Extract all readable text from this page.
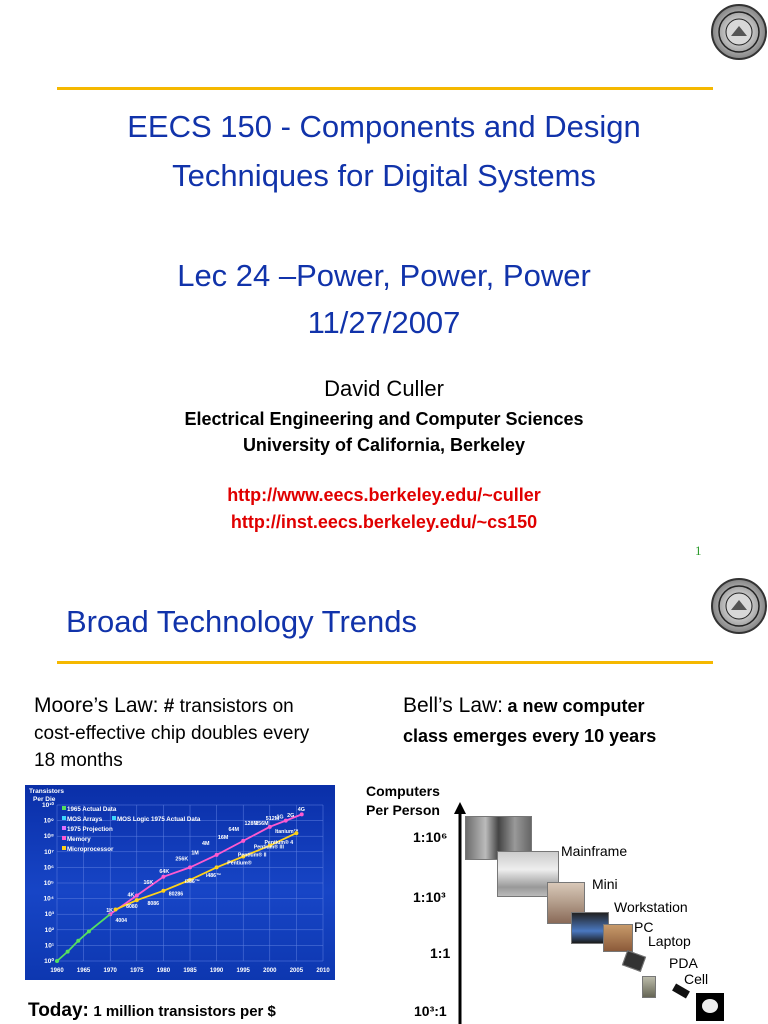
EECS 150 - Components and Design
Techniques for Digital Systems
Lec 24 –Power, Power, Power
11/27/2007
David Culler
Electrical Engineering and Computer Sciences
University of California, Berkeley
http://www.eecs.berkeley.edu/~culler
http://inst.eecs.berkeley.edu/~cs150
1
Broad Technology Trends
Moore’s Law: # transistors on
cost-effective chip doubles every
18 months
Bell’s Law: a new computer
class emerges every 10 years
Transistors
Per Die
10⁰
10¹
10²
10³
10⁴
10⁵
10⁶
10⁷
10⁸
10⁹
10¹⁰
1960 1965 1970 1975 1980 1985 1990 1995 2000 2005 2010
1965 Actual Data
MOS Arrays MOS Logic 1975 Actual Data
1975 Projection
Memory
Microprocessor
1K
4K
16K
64K
256K
1M
4M
16M
64M
128M
256M
512M
1G 2G
4G
4004
8080
8086
80286
i386™
i486™
Pentium®
Pentium® II
Pentium® III
Pentium® 4
Itanium™
Today: 1 million transistors per $
Computers
Per Person
1:10⁶
1:10³
1:1
10³:1
Mainframe
Mini
Workstation
PC
Laptop
PDA
Cell
